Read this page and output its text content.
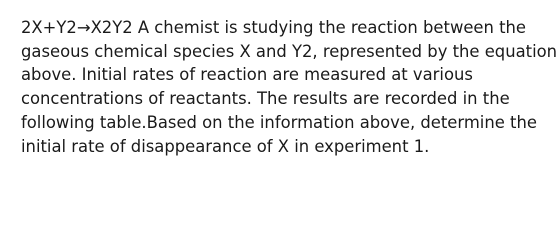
2X+Y2→X2Y2 A chemist is studying the reaction between the
gaseous chemical species X and Y2, represented by the equation
above. Initial rates of reaction are measured at various
concentrations of reactants. The results are recorded in the
following table.Based on the information above, determine the
initial rate of disappearance of X in experiment 1.
